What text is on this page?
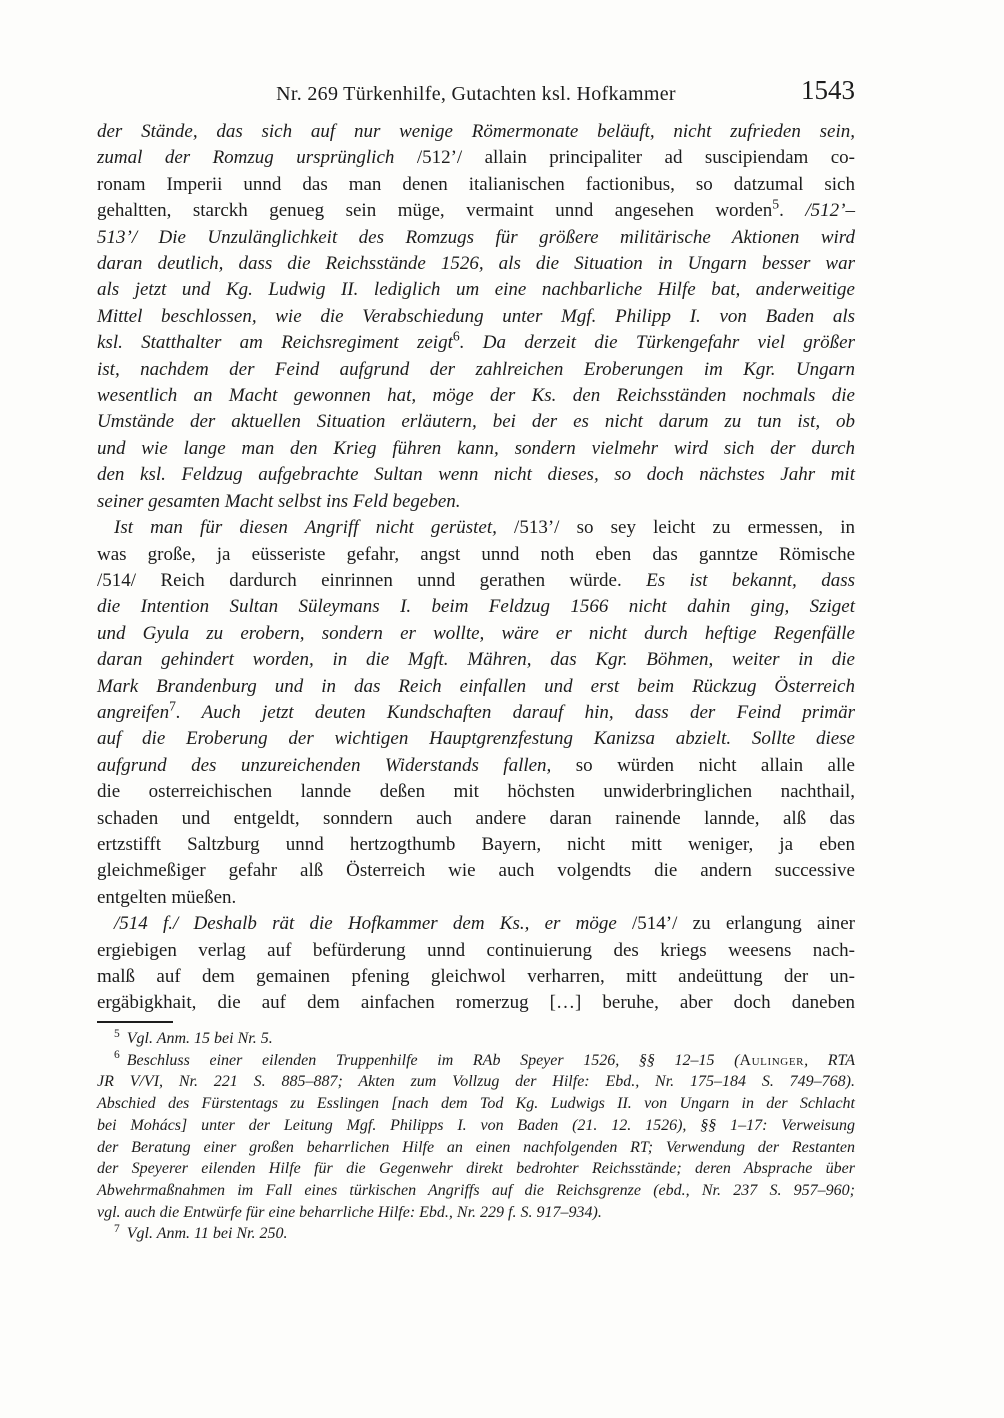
Nr. 269 Türkenhilfe, Gutachten ksl. Hofkammer	1543
der Stände, das sich auf nur wenige Römermonate beläuft, nicht zufrieden sein,
zumal der Romzug ursprünglich /512’/ allain principaliter ad suscipiendam co-
ronam Imperii unnd das man denen italianischen factionibus, so datzumal sich
gehaltten, starckh genueg sein müge, vermaint unnd angesehen worden$^5$. /512’–
513’/ Die Unzulänglichkeit des Romzugs für größere militärische Aktionen wird
daran deutlich, dass die Reichsstände 1526, als die Situation in Ungarn besser war
als jetzt und Kg. Ludwig II. lediglich um eine nachbarliche Hilfe bat, anderweitige
Mittel beschlossen, wie die Verabschiedung unter Mgf. Philipp I. von Baden als
ksl. Statthalter am Reichsregiment zeigt$^6$. Da derzeit die Türkengefahr viel größer
ist, nachdem der Feind aufgrund der zahlreichen Eroberungen im Kgr. Ungarn
wesentlich an Macht gewonnen hat, möge der Ks. den Reichsständen nochmals die
Umstände der aktuellen Situation erläutern, bei der es nicht darum zu tun ist, ob
und wie lange man den Krieg führen kann, sondern vielmehr wird sich der durch
den ksl. Feldzug aufgebrachte Sultan wenn nicht dieses, so doch nächstes Jahr mit
seiner gesamten Macht selbst ins Feld begeben.
Ist man für diesen Angriff nicht gerüstet, /513’/ so sey leicht zu ermessen, in
was große, ja eüsseriste gefahr, angst unnd noth eben das ganntze Römische
/514/ Reich dardurch einrinnen unnd gerathen würde. Es ist bekannt, dass
die Intention Sultan Süleymans I. beim Feldzug 1566 nicht dahin ging, Sziget
und Gyula zu erobern, sondern er wollte, wäre er nicht durch heftige Regenfälle
daran gehindert worden, in die Mgft. Mähren, das Kgr. Böhmen, weiter in die
Mark Brandenburg und in das Reich einfallen und erst beim Rückzug Österreich
angreifen$^7$. Auch jetzt deuten Kundschaften darauf hin, dass der Feind primär
auf die Eroberung der wichtigen Hauptgrenzfestung Kanizsa abzielt. Sollte diese
aufgrund des unzureichenden Widerstands fallen, so würden nicht allain alle
die osterreichischen lannde deßen mit höchsten unwiderbringlichen nachthail,
schaden und entgeldt, sonndern auch andere daran rainende lannde, alß das
ertzstifft Saltzburg unnd hertzogthumb Bayern, nicht mitt weniger, ja eben
gleichmeßiger gefahr alß Österreich wie auch volgendts die andern successive
entgelten müeßen.
/514 f./ Deshalb rät die Hofkammer dem Ks., er möge /514’/ zu erlangung ainer
ergiebigen verlag auf befürderung unnd continuierung des kriegs weesens nach-
malß auf dem gemainen pfening gleichwol verharren, mitt andeüttung der un-
ergäbigkhait, die auf dem ainfachen romerzug […] beruhe, aber doch daneben
$^5$ Vgl. Anm. 15 bei Nr. 5.
$^6$ Beschluss einer eilenden Truppenhilfe im RAb Speyer 1526, §§ 12–15 (Aulinger, RTA
JR V/VI, Nr. 221 S. 885–887; Akten zum Vollzug der Hilfe: Ebd., Nr. 175–184 S. 749–768).
Abschied des Fürstentags zu Esslingen [nach dem Tod Kg. Ludwigs II. von Ungarn in der Schlacht
bei Mohács] unter der Leitung Mgf. Philipps I. von Baden (21. 12. 1526), §§ 1–17: Verweisung
der Beratung einer großen beharrlichen Hilfe an einen nachfolgenden RT; Verwendung der Restanten
der Speyerer eilenden Hilfe für die Gegenwehr direkt bedrohter Reichsstände; deren Absprache über
Abwehrmaßnahmen im Fall eines türkischen Angriffs auf die Reichsgrenze (ebd., Nr. 237 S. 957–960;
vgl. auch die Entwürfe für eine beharrliche Hilfe: Ebd., Nr. 229 f. S. 917–934).
$^7$ Vgl. Anm. 11 bei Nr. 250.
